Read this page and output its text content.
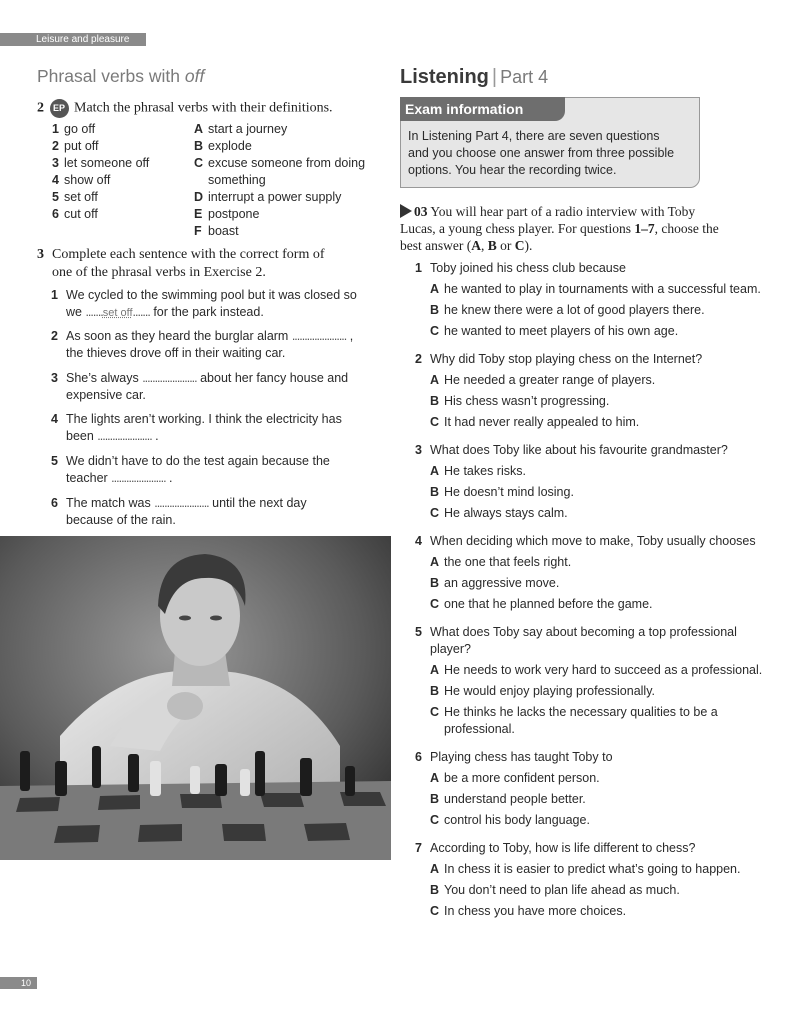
Leisure and pleasure
Phrasal verbs with off
2 EP Match the phrasal verbs with their definitions.
1 go off
2 put off
3 let someone off
4 show off
5 set off
6 cut off
A start a journey
B explode
C excuse someone from doing
something
D interrupt a power supply
E postpone
F boast
3 Complete each sentence with the correct form of
one of the phrasal verbs in Exercise 2.
1 We cycled to the swimming pool but it was closed so
we .......set off....... for the park instead.
2 As soon as they heard the burglar alarm ...................... ,
the thieves drove off in their waiting car.
3 She’s always ...................... about her fancy house and
expensive car.
4 The lights aren’t working. I think the electricity has
been ...................... .
5 We didn’t have to do the test again because the
teacher ...................... .
6 The match was ...................... until the next day
because of the rain.
Listening | Part 4
Exam information
In Listening Part 4, there are seven questions
and you choose one answer from three possible
options. You hear the recording twice.
03 You will hear part of a radio interview with Toby
Lucas, a young chess player. For questions 1–7, choose the
best answer (A, B or C).
1 Toby joined his chess club because
A he wanted to play in tournaments with a successful team.
B he knew there were a lot of good players there.
C he wanted to meet players of his own age.
2 Why did Toby stop playing chess on the Internet?
A He needed a greater range of players.
B His chess wasn’t progressing.
C It had never really appealed to him.
3 What does Toby like about his favourite grandmaster?
A He takes risks.
B He doesn’t mind losing.
C He always stays calm.
4 When deciding which move to make, Toby usually chooses
A the one that feels right.
B an aggressive move.
C one that he planned before the game.
5 What does Toby say about becoming a top professional
player?
A He needs to work very hard to succeed as a professional.
B He would enjoy playing professionally.
C He thinks he lacks the necessary qualities to be a
professional.
6 Playing chess has taught Toby to
A be a more confident person.
B understand people better.
C control his body language.
7 According to Toby, how is life different to chess?
A In chess it is easier to predict what’s going to happen.
B You don’t need to plan life ahead as much.
C In chess you have more choices.
10
